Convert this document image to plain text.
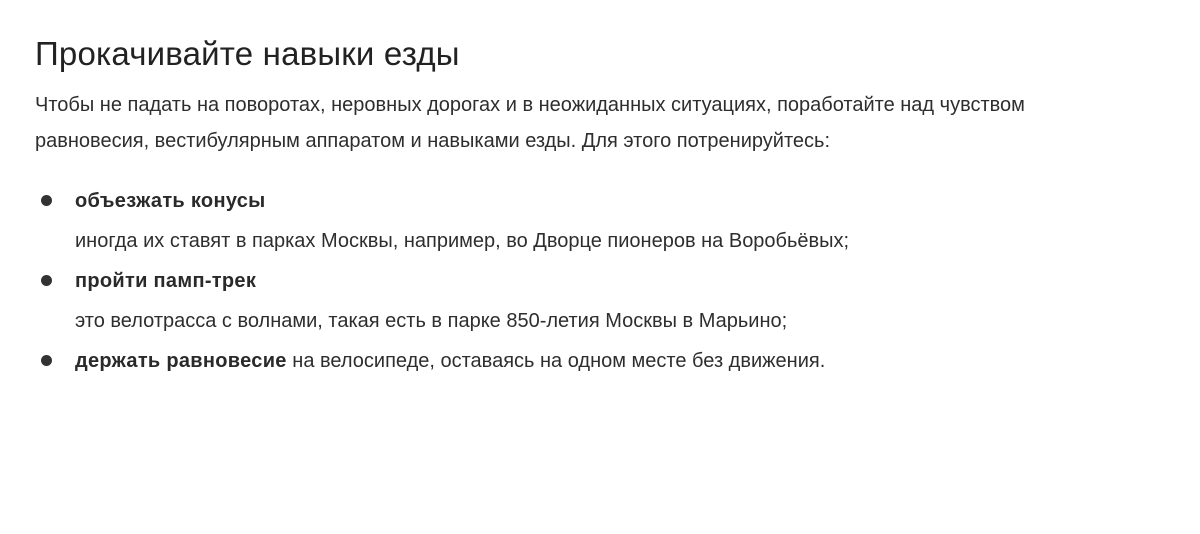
Прокачивайте навыки езды

Чтобы не падать на поворотах, неровных дорогах и в неожиданных ситуациях, поработайте над чувством равновесия, вестибулярным аппаратом и навыками езды. Для этого потренируйтесь:

объезжать конусы
иногда их ставят в парках Москвы, например, во Дворце пионеров на Воробьёвых;
пройти памп-трек
это велотрасса с волнами, такая есть в парке 850-летия Москвы в Марьино;
держать равновесие на велосипеде, оставаясь на одном месте без движения.
